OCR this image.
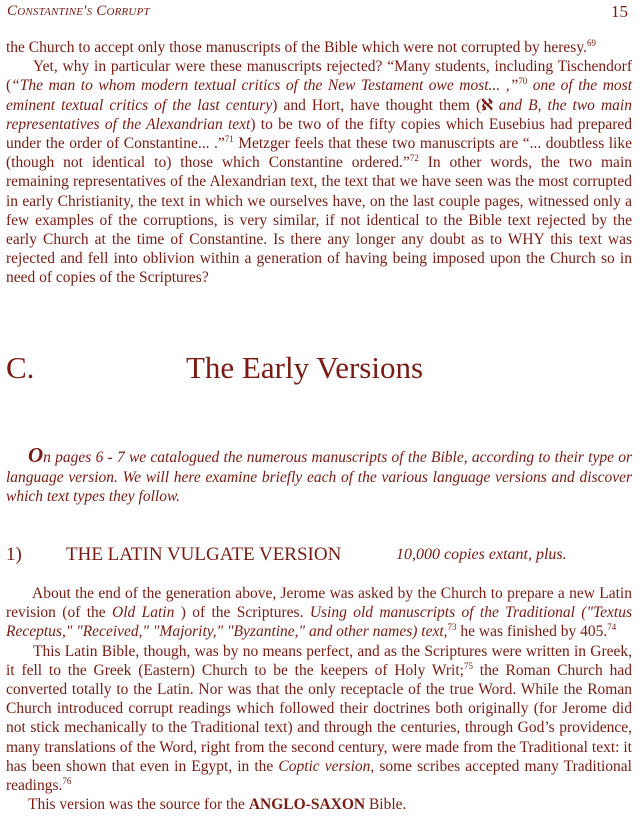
Constantine's Corrupt	15

the Church to accept only those manuscripts of the Bible which were not corrupted by heresy.$^{69}$

Yet, why in particular were these manuscripts rejected? “Many students, including Tischendorf (“The man to whom modern textual critics of the New Testament owe most... ,”$^{70}$ one of the most eminent textual critics of the last century) and Hort, have thought them (ℵ and B, the two main representatives of the Alexandrian text) to be two of the fifty copies which Eusebius had prepared under the order of Constantine... .”$^{71}$ Metzger feels that these two manuscripts are “... doubtless like (though not identical to) those which Constantine ordered.”$^{72}$ In other words, the two main remaining representatives of the Alexandrian text, the text that we have seen was the most corrupted in early Christianity, the text in which we ourselves have, on the last couple pages, witnessed only a few examples of the corruptions, is very similar, if not identical to the Bible text rejected by the early Church at the time of Constantine. Is there any longer any doubt as to WHY this text was rejected and fell into oblivion within a generation of having being imposed upon the Church so in need of copies of the Scriptures?

C.	The Early Versions

On pages 6 - 7 we catalogued the numerous manuscripts of the Bible, according to their type or language version. We will here examine briefly each of the various language versions and discover which text types they follow.

1) THE LATIN VULGATE VERSION	10,000 copies extant, plus.

About the end of the generation above, Jerome was asked by the Church to prepare a new Latin revision (of the Old Latin ) of the Scriptures. Using old manuscripts of the Traditional ("Textus Receptus," "Received," "Majority," "Byzantine," and other names) text,$^{73}$ he was finished by 405.74

This Latin Bible, though, was by no means perfect, and as the Scriptures were written in Greek, it fell to the Greek (Eastern) Church to be the keepers of Holy Writ;$^{75}$ the Roman Church had converted totally to the Latin. Nor was that the only receptacle of the true Word. While the Roman Church introduced corrupt readings which followed their doctrines both originally (for Jerome did not stick mechanically to the Traditional text) and through the centuries, through God’s providence, many translations of the Word, right from the second century, were made from the Traditional text: it has been shown that even in Egypt, in the Coptic version, some scribes accepted many Traditional readings.$^{76}$

This version was the source for the ANGLO-SAXON Bible.
